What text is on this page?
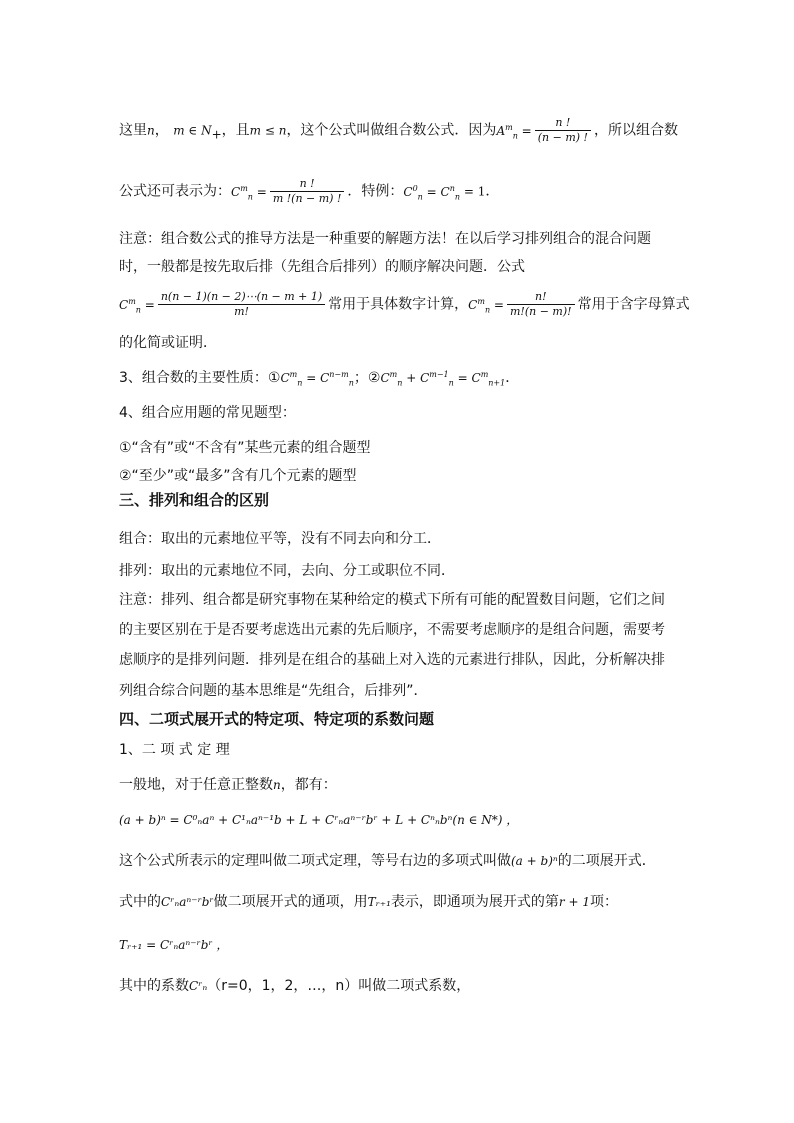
这里n， m ∈ $N_+$，且m ≤ n，这个公式叫做组合数公式．因为$A^m_n = \frac{n !}{(n - m) !}$ ，所以组合数
公式还可表示为：$C^m_n = \frac{n !}{m !(n - m) !}$ ．特例：$C^0_n = C^n_n = 1$．
注意：组合数公式的推导方法是一种重要的解题方法！在以后学习排列组合的混合问题
时，一般都是按先取后排（先组合后排列）的顺序解决问题．公式
$C^m_n = \frac{n(n - 1)(n - 2)\cdots(n - m + 1)}{m!}$ 常用于具体数字计算，$C^m_n = \frac{n!}{m!(n - m)!}$ 常用于含字母算式
的化简或证明．
3、组合数的主要性质：$①C^m_n = C^{n-m}_n$；$②C^m_n + C^{m-1}_n = C^m_{n+1}$．
4、组合应用题的常见题型：
①“含有”或“不含有”某些元素的组合题型
②“至少”或“最多”含有几个元素的题型
三、排列和组合的区别
组合：取出的元素地位平等，没有不同去向和分工．
排列：取出的元素地位不同，去向、分工或职位不同．
注意：排列、组合都是研究事物在某种给定的模式下所有可能的配置数目问题，它们之间
的主要区别在于是否要考虑选出元素的先后顺序，不需要考虑顺序的是组合问题，需要考
虑顺序的是排列问题．排列是在组合的基础上对入选的元素进行排队，因此，分析解决排
列组合综合问题的基本思维是“先组合，后排列”．
四、二项式展开式的特定项、特定项的系数问题
1、二 项 式 定 理
一般地，对于任意正整数n，都有：
(a + b)ⁿ = C⁰ₙaⁿ + C¹ₙaⁿ⁻¹b + L + Cʳₙaⁿ⁻ʳbʳ + L + Cⁿₙbⁿ(n ∈ N*) ，
这个公式所表示的定理叫做二项式定理，等号右边的多项式叫做(a + b)ⁿ的二项展开式．
式中的Cʳₙaⁿ⁻ʳbʳ做二项展开式的通项，用Tᵣ₊₁表示，即通项为展开式的第r + 1项：
Tᵣ₊₁ = Cʳₙaⁿ⁻ʳbʳ ，
其中的系数Cʳₙ（r=0，1，2，…，n）叫做二项式系数，
